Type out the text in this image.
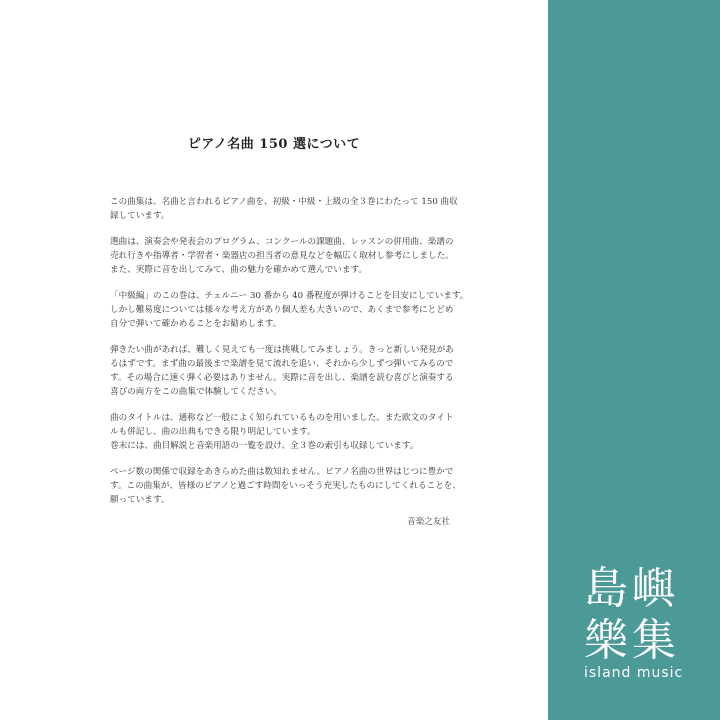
ピアノ名曲 150 選について
この曲集は、名曲と言われるピアノ曲を、初級・中級・上級の全３巻にわたって 150 曲収
録しています。
選曲は、演奏会や発表会のプログラム、コンクールの課題曲、レッスンの併用曲、楽譜の
売れ行きや指導者・学習者・楽器店の担当者の意見などを幅広く取材し参考にしました。
また、実際に音を出してみて、曲の魅力を確かめて選んでいます。
「中級編」のこの巻は、チェルニー 30 番から 40 番程度が弾けることを目安にしています。
しかし難易度については様々な考え方があり個人差も大きいので、あくまで参考にとどめ
自分で弾いて確かめることをお勧めします。
弾きたい曲があれば、難しく見えても一度は挑戦してみましょう。きっと新しい発見があ
るはずです。まず曲の最後まで楽譜を見て流れを追い、それから少しずつ弾いてみるので
す。その場合に速く弾く必要はありません。実際に音を出し、楽譜を読む喜びと演奏する
喜びの両方をこの曲集で体験してください。
曲のタイトルは、通称など一般によく知られているものを用いました。また欧文のタイト
ルも併記し、曲の出典もできる限り明記しています。
巻末には、曲目解説と音楽用語の一覧を設け、全３巻の索引も収録しています。
ページ数の関係で収録をあきらめた曲は数知れません。ピアノ名曲の世界はじつに豊かで
す。この曲集が、皆様のピアノと過ごす時間をいっそう充実したものにしてくれることを、
願っています。
音楽之友社
島嶼
樂集
island music
